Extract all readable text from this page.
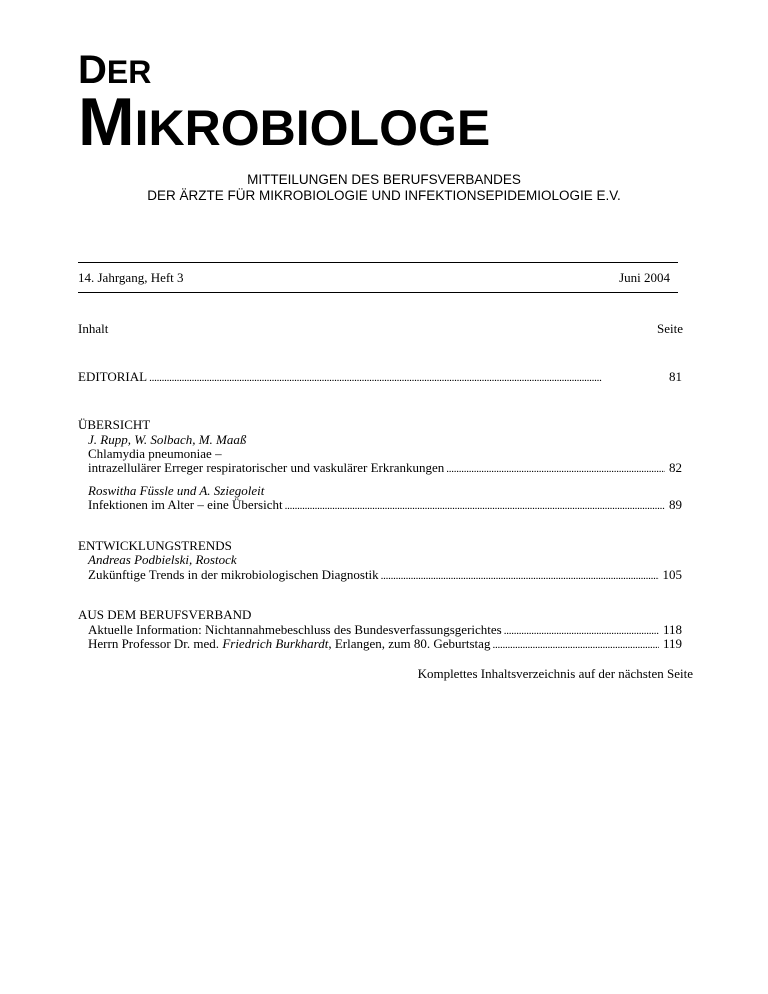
DER
MIKROBIOLOGE
MITTEILUNGEN DES BERUFSVERBANDES
DER ÄRZTE FÜR MIKROBIOLOGIE UND INFEKTIONSEPIDEMIOLOGIE E.V.
14. Jahrgang, Heft 3	Juni 2004
Inhalt	Seite
EDITORIAL . . .	81
ÜBERSICHT
J. Rupp, W. Solbach, M. Maaß
Chlamydia pneumoniae –
intrazellulärer Erreger respiratorischer und vaskulärer Erkrankungen . . .	82
Roswitha Füssle und A. Sziegoleit
Infektionen im Alter – eine Übersicht . . .	89
ENTWICKLUNGSTRENDS
Andreas Podbielski, Rostock
Zukünftige Trends in der mikrobiologischen Diagnostik . . .	105
AUS DEM BERUFSVERBAND
Aktuelle Information: Nichtannahmebeschluss des Bundesverfassungsgerichtes . . .	118
Herrn Professor Dr. med. Friedrich Burkhardt, Erlangen, zum 80. Geburtstag . . .	119
Komplettes Inhaltsverzeichnis auf der nächsten Seite
